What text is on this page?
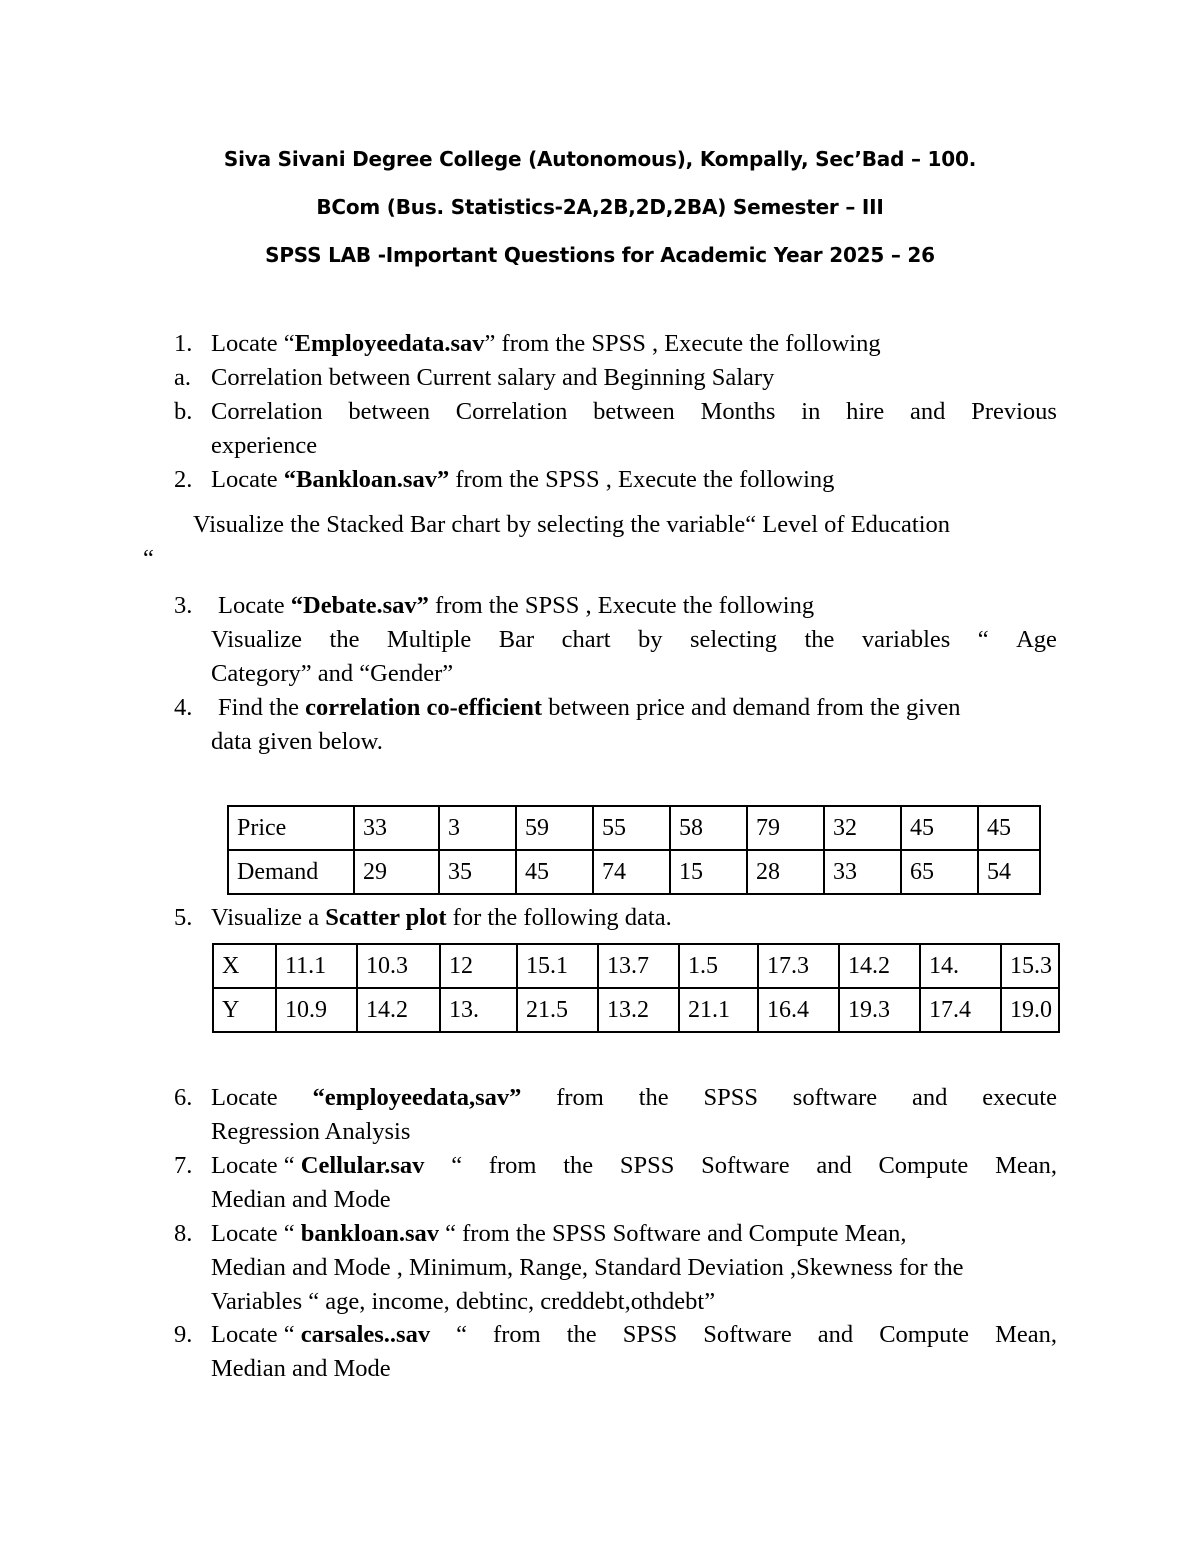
Siva Sivani Degree College (Autonomous), Kompally, Sec’Bad – 100.
BCom (Bus. Statistics-2A,2B,2D,2BA) Semester – III
SPSS LAB -Important Questions for Academic Year 2025 – 26
1. Locate “Employeedata.sav” from the SPSS , Execute the following
a. Correlation between Current salary and Beginning Salary
b. Correlation between Correlation between Months in hire and Previous
experience
2. Locate “Bankloan.sav” from the SPSS , Execute the following
Visualize the Stacked Bar chart by selecting the variable“ Level of Education
“
3. Locate “Debate.sav” from the SPSS , Execute the following
Visualize the Multiple Bar chart by selecting the variables “ Age
Category” and “Gender”
4. Find the correlation co-efficient between price and demand from the given
data given below.
Price	33	3	59	55	58	79	32	45	45
Demand	29	35	45	74	15	28	33	65	54
5. Visualize a Scatter plot for the following data.
X	11.1	10.3	12	15.1	13.7	1.5	17.3	14.2	14.	15.3
Y	10.9	14.2	13.	21.5	13.2	21.1	16.4	19.3	17.4	19.0
6. Locate “employeedata,sav” from the SPSS software and execute
Regression Analysis
7. Locate “ Cellular.sav “ from the SPSS Software and Compute Mean,
Median and Mode
8. Locate “ bankloan.sav “ from the SPSS Software and Compute Mean,
Median and Mode , Minimum, Range, Standard Deviation ,Skewness for the
Variables “ age, income, debtinc, creddebt,othdebt”
9. Locate “ carsales..sav “ from the SPSS Software and Compute Mean,
Median and Mode
